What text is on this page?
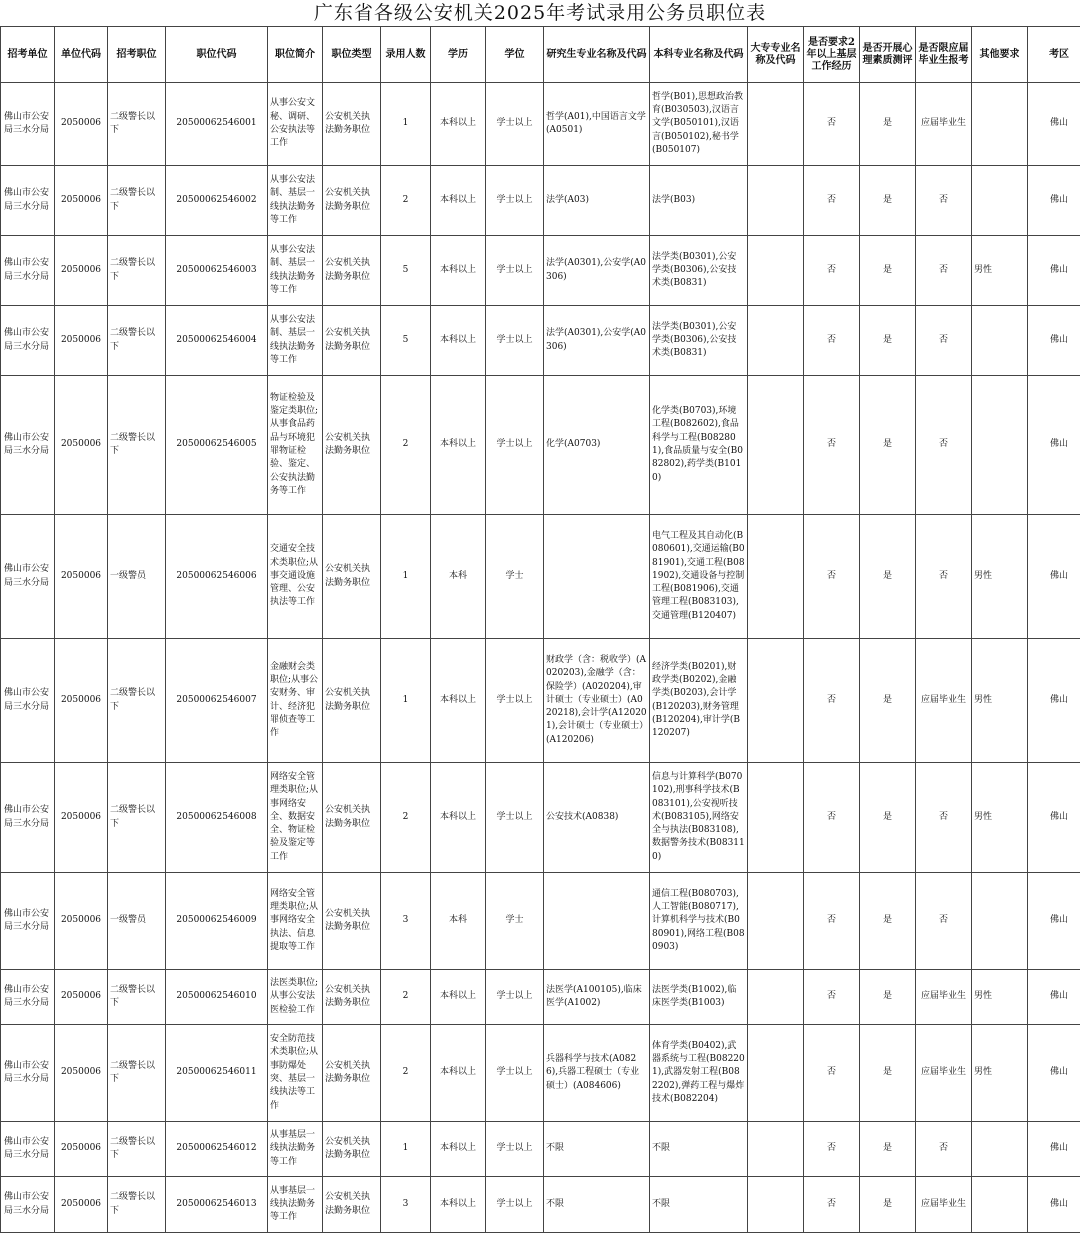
广东省各级公安机关2025年考试录用公务员职位表
招考单位	单位代码	招考职位	职位代码	职位简介	职位类型	录用人数	学历	学位	研究生专业名称及代码	本科专业名称及代码	大专专业名称及代码	是否要求2年以上基层工作经历	是否开展心理素质测评	是否限应届毕业生报考	其他要求	考区
佛山市公安局三水分局	2050006	二级警长以下	20500062546001	从事公安文秘、调研、公安执法等工作	公安机关执法勤务职位	1	本科以上	学士以上	哲学(A01),中国语言文学(A0501)	哲学(B01),思想政治教育(B030503),汉语言文学(B050101),汉语言(B050102),秘书学(B050107)		否	是	应届毕业生		佛山
佛山市公安局三水分局	2050006	二级警长以下	20500062546002	从事公安法制、基层一线执法勤务等工作	公安机关执法勤务职位	2	本科以上	学士以上	法学(A03)	法学(B03)		否	是	否		佛山
佛山市公安局三水分局	2050006	二级警长以下	20500062546003	从事公安法制、基层一线执法勤务等工作	公安机关执法勤务职位	5	本科以上	学士以上	法学(A0301),公安学(A0306)	法学类(B0301),公安学类(B0306),公安技术类(B0831)		否	是	否	男性	佛山
佛山市公安局三水分局	2050006	二级警长以下	20500062546004	从事公安法制、基层一线执法勤务等工作	公安机关执法勤务职位	5	本科以上	学士以上	法学(A0301),公安学(A0306)	法学类(B0301),公安学类(B0306),公安技术类(B0831)		否	是	否		佛山
佛山市公安局三水分局	2050006	二级警长以下	20500062546005	物证检验及鉴定类职位;从事食品药品与环境犯罪物证检验、鉴定、公安执法勤务等工作	公安机关执法勤务职位	2	本科以上	学士以上	化学(A0703)	化学类(B0703),环境工程(B082602),食品科学与工程(B082801),食品质量与安全(B082802),药学类(B1010)		否	是	否		佛山
佛山市公安局三水分局	2050006	一级警员	20500062546006	交通安全技术类职位;从事交通设施管理、公安执法等工作	公安机关执法勤务职位	1	本科	学士		电气工程及其自动化(B080601),交通运输(B081901),交通工程(B081902),交通设备与控制工程(B081906),交通管理工程(B083103),交通管理(B120407)		否	是	否	男性	佛山
佛山市公安局三水分局	2050006	二级警长以下	20500062546007	金融财会类职位;从事公安财务、审计、经济犯罪侦查等工作	公安机关执法勤务职位	1	本科以上	学士以上	财政学（含：税收学）(A020203),金融学（含：保险学）(A020204),审计硕士（专业硕士）(A020218),会计学(A120201),会计硕士（专业硕士）(A120206)	经济学类(B0201),财政学类(B0202),金融学类(B0203),会计学(B120203),财务管理(B120204),审计学(B120207)		否	是	应届毕业生	男性	佛山
佛山市公安局三水分局	2050006	二级警长以下	20500062546008	网络安全管理类职位;从事网络安全、数据安全、物证检验及鉴定等工作	公安机关执法勤务职位	2	本科以上	学士以上	公安技术(A0838)	信息与计算科学(B070102),刑事科学技术(B083101),公安视听技术(B083105),网络安全与执法(B083108),数据警务技术(B083110)		否	是	否	男性	佛山
佛山市公安局三水分局	2050006	一级警员	20500062546009	网络安全管理类职位;从事网络安全执法、信息提取等工作	公安机关执法勤务职位	3	本科	学士		通信工程(B080703),人工智能(B080717),计算机科学与技术(B080901),网络工程(B080903)		否	是	否		佛山
佛山市公安局三水分局	2050006	二级警长以下	20500062546010	法医类职位;从事公安法医检验工作	公安机关执法勤务职位	2	本科以上	学士以上	法医学(A100105),临床医学(A1002)	法医学类(B1002),临床医学类(B1003)		否	是	应届毕业生	男性	佛山
佛山市公安局三水分局	2050006	二级警长以下	20500062546011	安全防范技术类职位;从事防爆处突、基层一线执法等工作	公安机关执法勤务职位	2	本科以上	学士以上	兵器科学与技术(A0826),兵器工程硕士（专业硕士）(A084606)	体育学类(B0402),武器系统与工程(B082201),武器发射工程(B082202),弹药工程与爆炸技术(B082204)		否	是	应届毕业生	男性	佛山
佛山市公安局三水分局	2050006	二级警长以下	20500062546012	从事基层一线执法勤务等工作	公安机关执法勤务职位	1	本科以上	学士以上	不限	不限		否	是	否		佛山
佛山市公安局三水分局	2050006	二级警长以下	20500062546013	从事基层一线执法勤务等工作	公安机关执法勤务职位	3	本科以上	学士以上	不限	不限		否	是	应届毕业生		佛山
